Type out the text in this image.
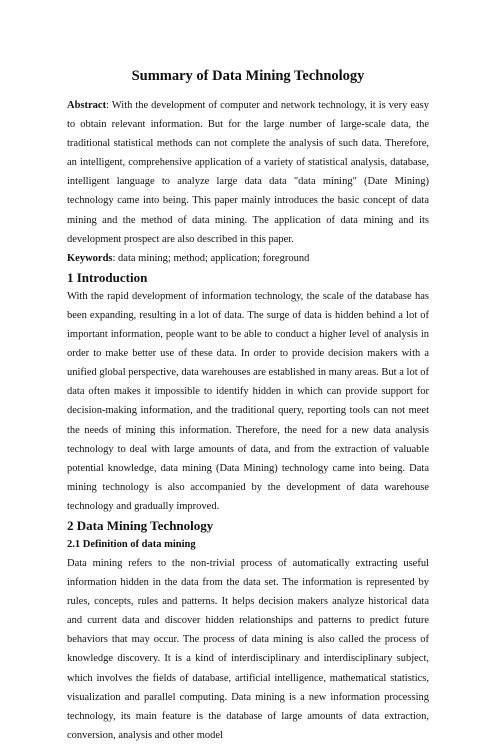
Summary of Data Mining Technology

Abstract: With the development of computer and network technology, it is very easy to obtain relevant information. But for the large number of large-scale data, the traditional statistical methods can not complete the analysis of such data. Therefore, an intelligent, comprehensive application of a variety of statistical analysis, database, intelligent language to analyze large data data "data mining" (Date Mining) technology came into being. This paper mainly introduces the basic concept of data mining and the method of data mining. The application of data mining and its development prospect are also described in this paper.

Keywords: data mining; method; application; foreground

1 Introduction

With the rapid development of information technology, the scale of the database has been expanding, resulting in a lot of data. The surge of data is hidden behind a lot of important information, people want to be able to conduct a higher level of analysis in order to make better use of these data. In order to provide decision makers with a unified global perspective, data warehouses are established in many areas. But a lot of data often makes it impossible to identify hidden in which can provide support for decision-making information, and the traditional query, reporting tools can not meet the needs of mining this information. Therefore, the need for a new data analysis technology to deal with large amounts of data, and from the extraction of valuable potential knowledge, data mining (Data Mining) technology came into being. Data mining technology is also accompanied by the development of data warehouse technology and gradually improved.

2 Data Mining Technology
2.1 Definition of data mining

Data mining refers to the non-trivial process of automatically extracting useful information hidden in the data from the data set. The information is represented by rules, concepts, rules and patterns. It helps decision makers analyze historical data and current data and discover hidden relationships and patterns to predict future behaviors that may occur. The process of data mining is also called the process of knowledge discovery. It is a kind of interdisciplinary and interdisciplinary subject, which involves the fields of database, artificial intelligence, mathematical statistics, visualization and parallel computing. Data mining is a new information processing technology, its main feature is the database of large amounts of data extraction, conversion, analysis and other model
